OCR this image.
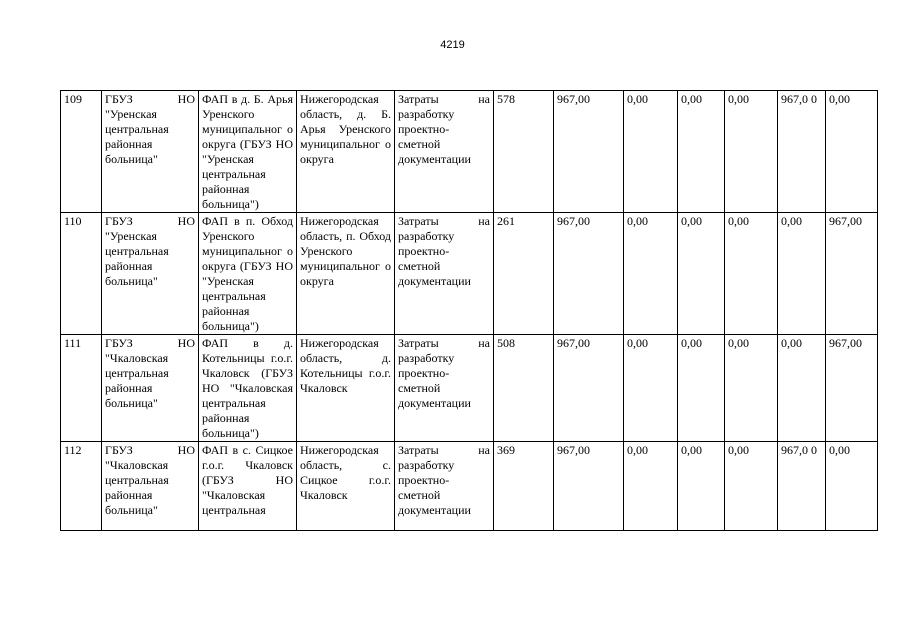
4219
109	ГБУЗ НО "Уренская центральная районная больница"	ФАП в д. Б. Арья Уренского муниципальног о округа (ГБУЗ НО "Уренская центральная районная больница")	Нижегородская область, д. Б. Арья Уренского муниципальног о округа	Затраты на разработку проектно-сметной документации	578	967,00	0,00	0,00	0,00	967,0 0	0,00
110	ГБУЗ НО "Уренская центральная районная больница"	ФАП в п. Обход Уренского муниципальног о округа (ГБУЗ НО "Уренская центральная районная больница")	Нижегородская область, п. Обход Уренского муниципальног о округа	Затраты на разработку проектно-сметной документации	261	967,00	0,00	0,00	0,00	0,00	967,00
111	ГБУЗ НО "Чкаловская центральная районная больница"	ФАП в д. Котельницы г.о.г. Чкаловск (ГБУЗ НО "Чкаловская центральная районная больница")	Нижегородская область, д. Котельницы г.о.г. Чкаловск	Затраты на разработку проектно-сметной документации	508	967,00	0,00	0,00	0,00	0,00	967,00
112	ГБУЗ НО "Чкаловская центральная районная больница"	ФАП в с. Сицкое г.о.г. Чкаловск (ГБУЗ НО "Чкаловская центральная	Нижегородская область, с. Сицкое г.о.г. Чкаловск	Затраты на разработку проектно-сметной документации	369	967,00	0,00	0,00	0,00	967,0 0	0,00
